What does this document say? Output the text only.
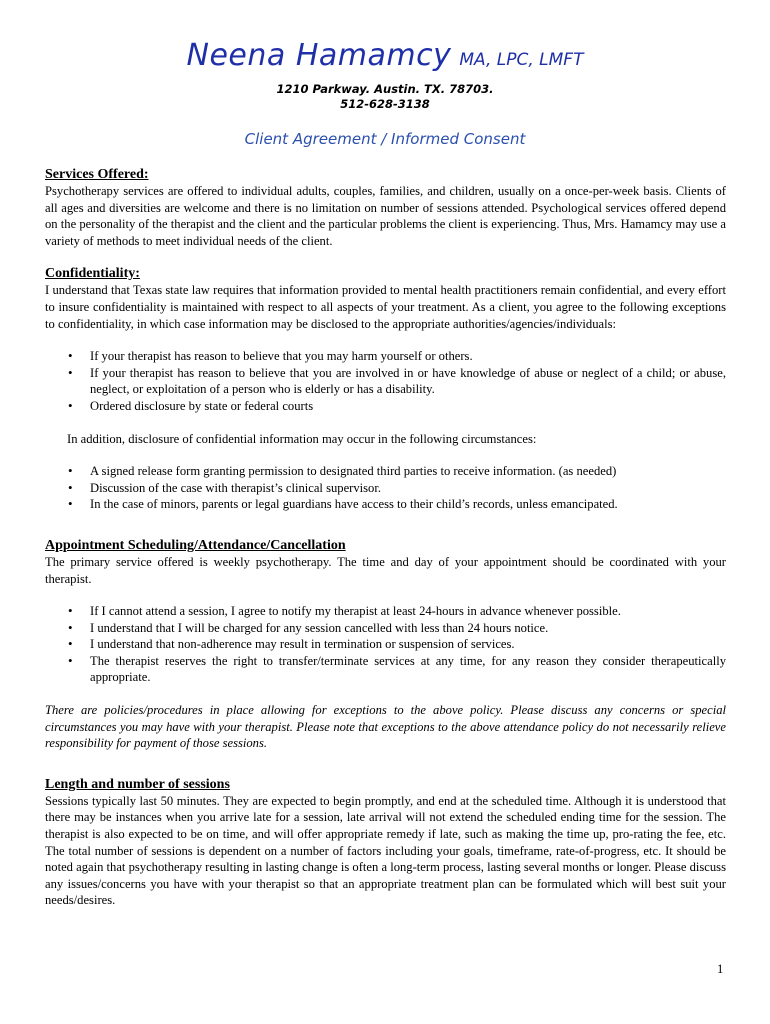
Neena Hamamcy MA, LPC, LMFT
1210 Parkway. Austin. TX. 78703.
512-628-3138
Client Agreement / Informed Consent
Services Offered:

Psychotherapy services are offered to individual adults, couples, families, and children, usually on a once-per-week basis. Clients of all ages and diversities are welcome and there is no limitation on number of sessions attended. Psychological services offered depend on the personality of the therapist and the client and the particular problems the client is experiencing. Thus, Mrs. Hamamcy may use a variety of methods to meet individual needs of the client.

Confidentiality:

I understand that Texas state law requires that information provided to mental health practitioners remain confidential, and every effort to insure confidentiality is maintained with respect to all aspects of your treatment. As a client, you agree to the following exceptions to confidentiality, in which case information may be disclosed to the appropriate authorities/agencies/individuals:

• If your therapist has reason to believe that you may harm yourself or others.
• If your therapist has reason to believe that you are involved in or have knowledge of abuse or neglect of a child; or abuse, neglect, or exploitation of a person who is elderly or has a disability.
• Ordered disclosure by state or federal courts

In addition, disclosure of confidential information may occur in the following circumstances:

• A signed release form granting permission to designated third parties to receive information. (as needed)
• Discussion of the case with therapist’s clinical supervisor.
• In the case of minors, parents or legal guardians have access to their child’s records, unless emancipated.
Appointment Scheduling/Attendance/Cancellation

The primary service offered is weekly psychotherapy. The time and day of your appointment should be coordinated with your therapist.

• If I cannot attend a session, I agree to notify my therapist at least 24-hours in advance whenever possible.
• I understand that I will be charged for any session cancelled with less than 24 hours notice.
• I understand that non-adherence may result in termination or suspension of services.
• The therapist reserves the right to transfer/terminate services at any time, for any reason they consider therapeutically appropriate.

There are policies/procedures in place allowing for exceptions to the above policy. Please discuss any concerns or special circumstances you may have with your therapist. Please note that exceptions to the above attendance policy do not necessarily relieve responsibility for payment of those sessions.

Length and number of sessions

Sessions typically last 50 minutes. They are expected to begin promptly, and end at the scheduled time. Although it is understood that there may be instances when you arrive late for a session, late arrival will not extend the scheduled ending time for the session. The therapist is also expected to be on time, and will offer appropriate remedy if late, such as making the time up, pro-rating the fee, etc. The total number of sessions is dependent on a number of factors including your goals, timeframe, rate-of-progress, etc. It should be noted again that psychotherapy resulting in lasting change is often a long-term process, lasting several months or longer. Please discuss any issues/concerns you have with your therapist so that an appropriate treatment plan can be formulated which will best suit your needs/desires.

1
